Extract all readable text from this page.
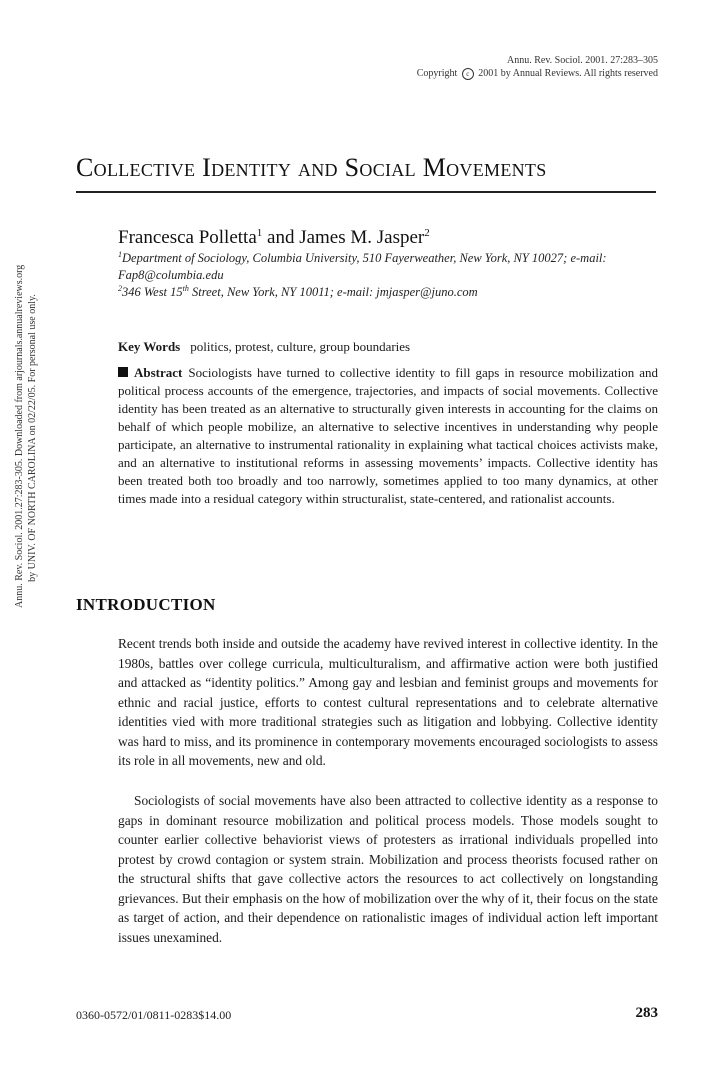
Annu. Rev. Sociol. 2001. 27:283–305
Copyright c 2001 by Annual Reviews. All rights reserved
Collective Identity and Social Movements
Francesca Polletta$^1$ and James M. Jasper$^2$
$^1$Department of Sociology, Columbia University, 510 Fayerweather, New York, NY 10027; e-mail: Fap8@columbia.edu
$^2$346 West 15th Street, New York, NY 10011; e-mail: jmjasper@juno.com
Key Words politics, protest, culture, group boundaries

Abstract Sociologists have turned to collective identity to fill gaps in resource mobilization and political process accounts of the emergence, trajectories, and impacts of social movements. Collective identity has been treated as an alternative to structurally given interests in accounting for the claims on behalf of which people mobilize, an alternative to selective incentives in understanding why people participate, an alternative to instrumental rationality in explaining what tactical choices activists make, and an alternative to institutional reforms in assessing movements’ impacts. Collective identity has been treated both too broadly and too narrowly, sometimes applied to too many dynamics, at other times made into a residual category within structuralist, state-centered, and rationalist accounts.

INTRODUCTION

Recent trends both inside and outside the academy have revived interest in collective identity. In the 1980s, battles over college curricula, multiculturalism, and affirmative action were both justified and attacked as “identity politics.” Among gay and lesbian and feminist groups and movements for ethnic and racial justice, efforts to contest cultural representations and to celebrate alternative identities vied with more traditional strategies such as litigation and lobbying. Collective identity was hard to miss, and its prominence in contemporary movements encouraged sociologists to assess its role in all movements, new and old.

Sociologists of social movements have also been attracted to collective identity as a response to gaps in dominant resource mobilization and political process models. Those models sought to counter earlier collective behaviorist views of protesters as irrational individuals propelled into protest by crowd contagion or system strain. Mobilization and process theorists focused rather on the structural shifts that gave collective actors the resources to act collectively on longstanding grievances. But their emphasis on the how of mobilization over the why of it, their focus on the state as target of action, and their dependence on rationalistic images of individual action left important issues unexamined.

0360-0572/01/0811-0283$14.00	283
Annu. Rev. Sociol. 2001.27:283-305. Downloaded from arjournals.annualreviews.org by UNIV. OF NORTH CAROLINA on 02/22/05. For personal use only.
